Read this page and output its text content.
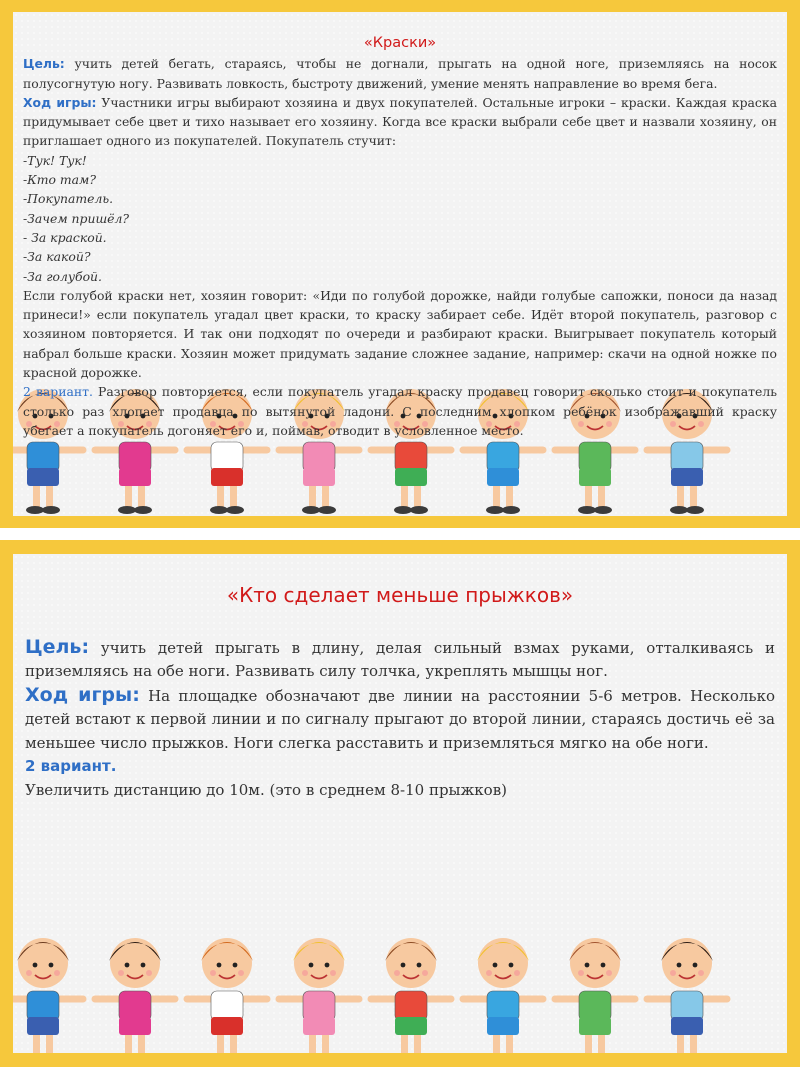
«Краски»

Цель: учить детей бегать, стараясь, чтобы не догнали, прыгать на одной ноге, приземляясь на носок полусогнутую ногу. Развивать ловкость, быстроту движений, умение менять направление во время бега.

Ход игры: Участники игры выбирают хозяина и двух покупателей. Остальные игроки – краски. Каждая краска придумывает себе цвет и тихо называет его хозяину. Когда все краски выбрали себе цвет и назвали хозяину, он приглашает одного из покупателей. Покупатель стучит:

-Тук! Тук!

-Кто там?

-Покупатель.

-Зачем пришёл?

- За краской.

-За какой?

-За голубой.

Если голубой краски нет, хозяин говорит: «Иди по голубой дорожке, найди голубые сапожки, поноси да назад принеси!» если покупатель угадал цвет краски, то краску забирает себе. Идёт второй покупатель, разговор с хозяином повторяется. И так они подходят по очереди и разбирают краски. Выигрывает покупатель который набрал больше краски. Хозяин может придумать задание сложнее задание, например: скачи на одной ножке по красной дорожке.

2 вариант. Разговор повторяется, если покупатель угадал краску продавец говорит сколько стоит и покупатель столько раз хлопает продавца по вытянутой ладони. С последним хлопком ребёнок изображавший краску убегает а покупатель догоняет его и, поймав, отводит в условленное место.

«Кто сделает меньше прыжков»

Цель: учить детей прыгать в длину, делая сильный взмах руками, отталкиваясь и приземляясь на обе ноги. Развивать силу толчка, укреплять мышцы ног.

Ход игры: На площадке обозначают две линии на расстоянии 5-6 метров. Несколько детей встают к первой линии и по сигналу прыгают до второй линии, стараясь достичь её за меньшее число прыжков. Ноги слегка расставить и приземляться мягко на обе ноги.

2 вариант.

Увеличить дистанцию до 10м. (это в среднем 8-10 прыжков)
